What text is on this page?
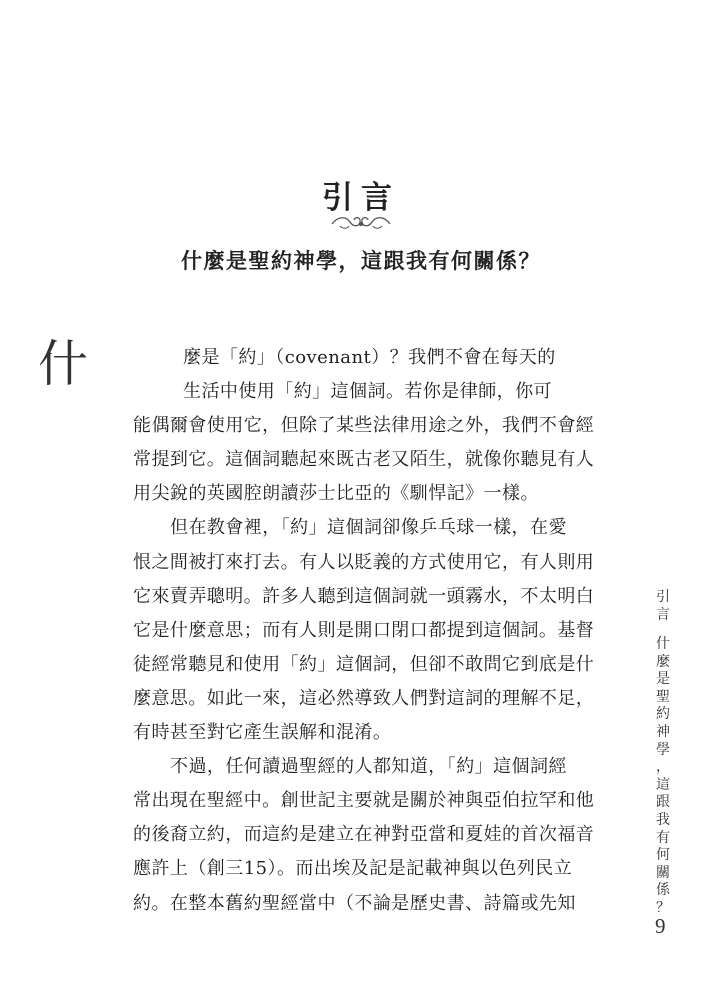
引言
什麼是聖約神學，這跟我有何關係？
什	麼是「約」（covenant）？我們不會在每天的
生活中使用「約」這個詞。若你是律師，你可
能偶爾會使用它，但除了某些法律用途之外，我們不會經
常提到它。這個詞聽起來既古老又陌生，就像你聽見有人
用尖銳的英國腔朗讀莎士比亞的《馴悍記》一樣。
但在教會裡，「約」這個詞卻像乒乓球一樣，在愛
恨之間被打來打去。有人以貶義的方式使用它，有人則用
它來賣弄聰明。許多人聽到這個詞就一頭霧水，不太明白
它是什麼意思；而有人則是開口閉口都提到這個詞。基督
徒經常聽見和使用「約」這個詞，但卻不敢問它到底是什
麼意思。如此一來，這必然導致人們對這詞的理解不足，
有時甚至對它產生誤解和混淆。
不過，任何讀過聖經的人都知道，「約」這個詞經
常出現在聖經中。創世記主要就是關於神與亞伯拉罕和他
的後裔立約，而這約是建立在神對亞當和夏娃的首次福音
應許上（創三15）。而出埃及記是記載神與以色列民立
約。在整本舊約聖經當中（不論是歷史書、詩篇或先知
引
言
什
麼
是
聖
約
神
學
，
這
跟
我
有
何
關
係
？
9
